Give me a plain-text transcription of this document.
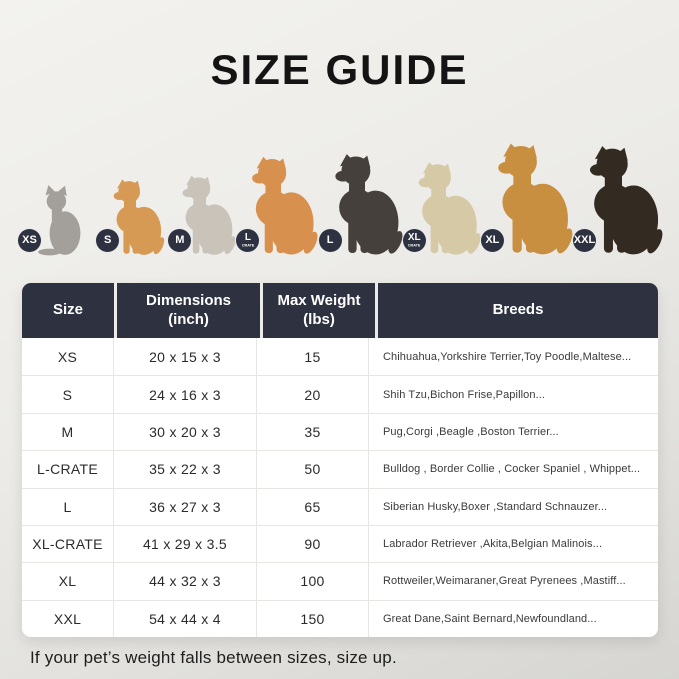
SIZE GUIDE
XS	S	M	L
CRATE	L	XL
CRATE	XL	XXL
Size
Dimensions
(inch)
Max Weight
(lbs)
Breeds
XS	20 x 15 x 3	15	Chihuahua,Yorkshire Terrier,Toy Poodle,Maltese...
S	24 x 16 x 3	20	Shih Tzu,Bichon Frise,Papillon...
M	30 x 20 x 3	35	Pug,Corgi ,Beagle ,Boston Terrier...
L-CRATE	35 x 22 x 3	50	Bulldog , Border Collie , Cocker Spaniel , Whippet...
L	36 x 27 x 3	65	Siberian Husky,Boxer ,Standard Schnauzer...
XL-CRATE	41 x 29 x 3.5	90	Labrador Retriever ,Akita,Belgian Malinois...
XL	44 x 32 x 3	100	Rottweiler,Weimaraner,Great Pyrenees ,Mastiff...
XXL	54 x 44 x 4	150	Great Dane,Saint Bernard,Newfoundland...
If your pet’s weight falls between sizes, size up.
